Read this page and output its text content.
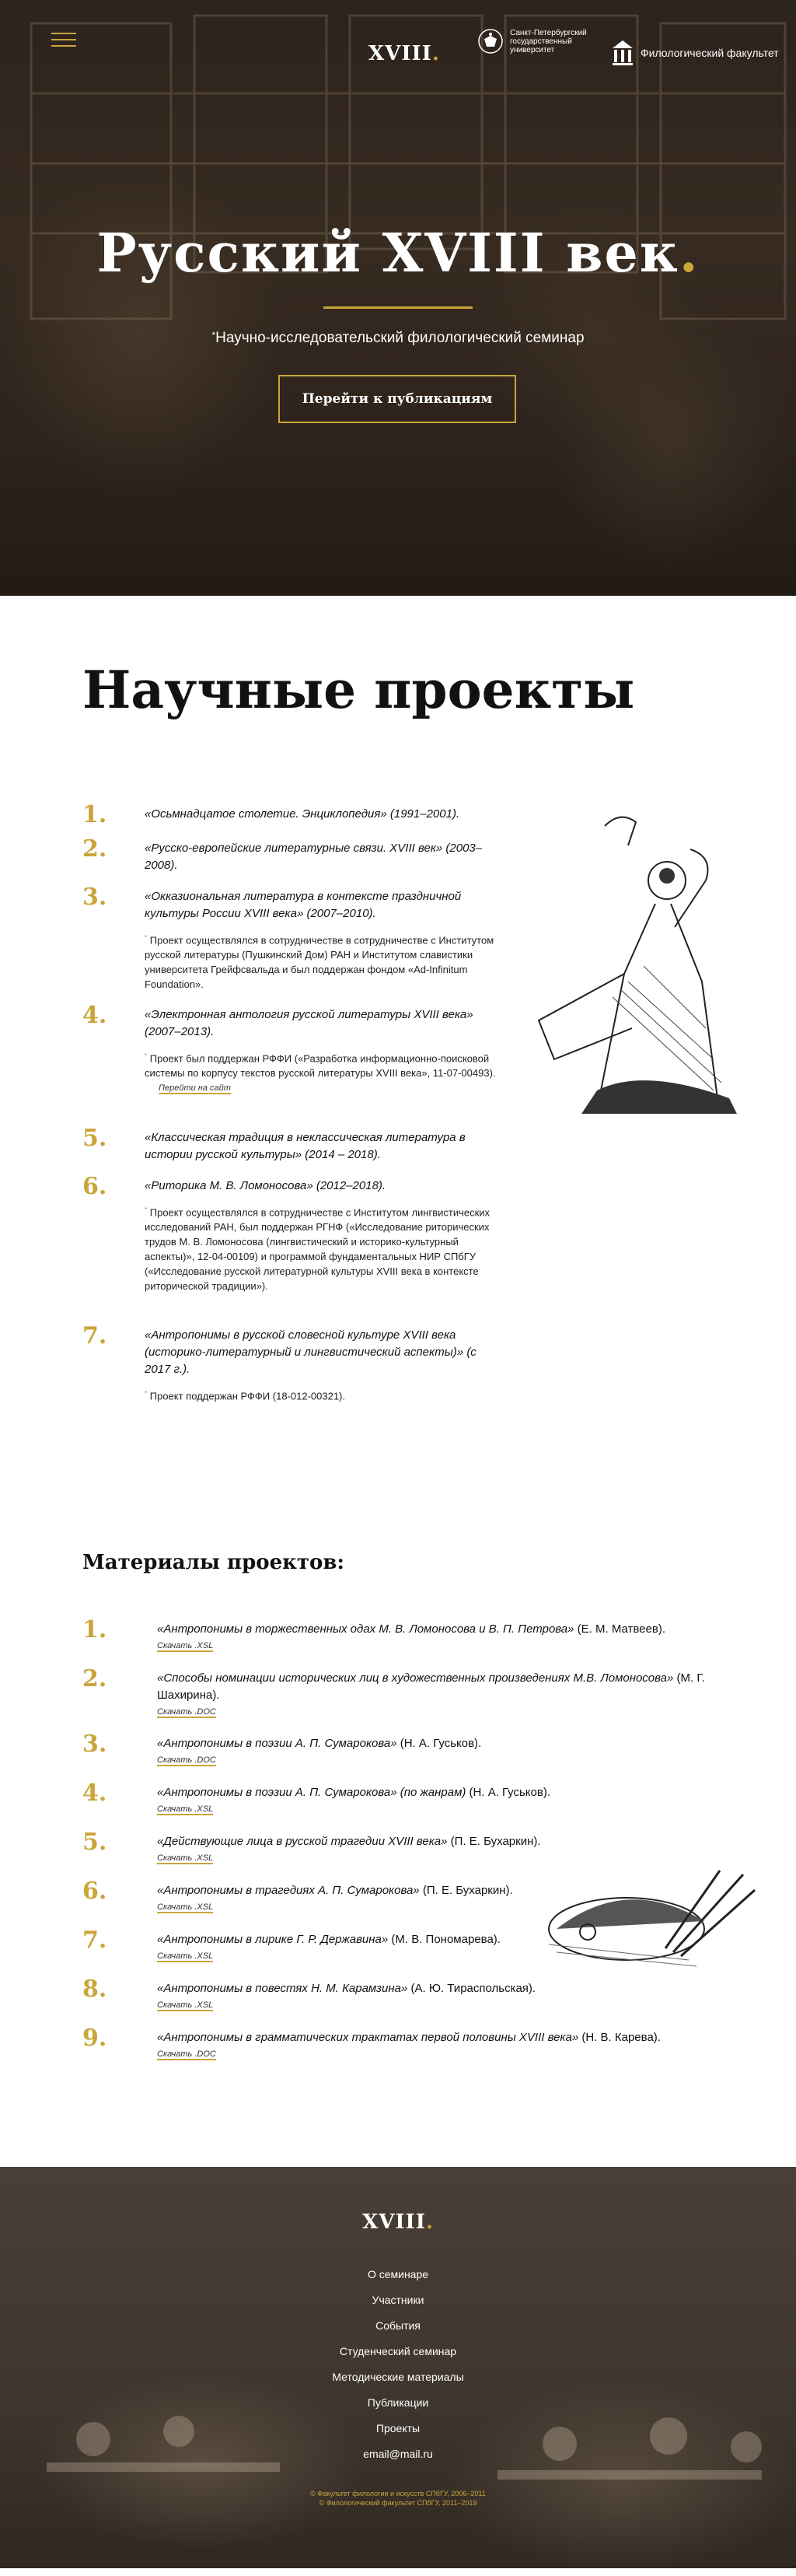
XVIII.
Санкт-Петербургский государственный университет	Филологический факультет
Русский XVIII век.
*Научно-исследовательский филологический семинар
Перейти к публикациям
Научные проекты
1.	«Осьмнадцатое столетие. Энциклопедия» (1991–2001).
2.	«Русско-европейские литературные связи. XVIII век» (2003–2008).
3.	«Окказиональная литература в контексте праздничной культуры России XVIII века» (2007–2010).
* Проект осуществлялся в сотрудничестве в сотрудничестве с Институтом русской литературы (Пушкинский Дом) РАН и Институтом славистики университета Грейфсвальда и был поддержан фондом «Ad-Infinitum Foundation».
4.	«Электронная антология русской литературы XVIII века» (2007–2013).
* Проект был поддержан РФФИ («Разработка информационно-поисковой системы по корпусу текстов русской литературы XVIII века», 11-07-00493).
Перейти на сайт
5.	«Классическая традиция в неклассическая литература в истории русской культуры» (2014 – 2018).
6.	«Риторика М. В. Ломоносова» (2012–2018).
* Проект осуществлялся в сотрудничестве с Институтом лингвистических исследований РАН, был поддержан РГНФ («Исследование риторических трудов М. В. Ломоносова (лингвистический и историко-культурный аспекты)», 12-04-00109) и программой фундаментальных НИР СПбГУ («Исследование русской литературной культуры XVIII века в контексте риторической традиции»).
7.	«Антропонимы в русской словесной культуре XVIII века (историко-литературный и лингвистический аспекты)» (с 2017 г.).
* Проект поддержан РФФИ (18-012-00321).
Материалы проектов:
1.	«Антропонимы в торжественных одах М. В. Ломоносова и В. П. Петрова» (Е. М. Матвеев).
Скачать .XSL
2.	«Способы номинации исторических лиц в художественных произведениях М.В. Ломоносова» (М. Г. Шахирина).
Скачать .DOC
3.	«Антропонимы в поэзии А. П. Сумарокова» (Н. А. Гуськов).
Скачать .DOC
4.	«Антропонимы в поэзии А. П. Сумарокова» (по жанрам) (Н. А. Гуськов).
Скачать .XSL
5.	«Действующие лица в русской трагедии XVIII века» (П. Е. Бухаркин).
Скачать .XSL
6.	«Антропонимы в трагедиях А. П. Сумарокова» (П. Е. Бухаркин).
Скачать .XSL
7.	«Антропонимы в лирике Г. Р. Державина» (М. В. Пономарева).
Скачать .XSL
8.	«Антропонимы в повестях Н. М. Карамзина» (А. Ю. Тираспольская).
Скачать .XSL
9.	«Антропонимы в грамматических трактатах первой половины XVIII века» (Н. В. Карева).
Скачать .DOC
XVIII.
О семинаре
Участники
События
Студенческий семинар
Методические материалы
Публикации
Проекты
email@mail.ru
© Факультет филологии и искусств СПбГУ, 2006–2011
© Филологический факультет СПбГУ, 2011–2019
